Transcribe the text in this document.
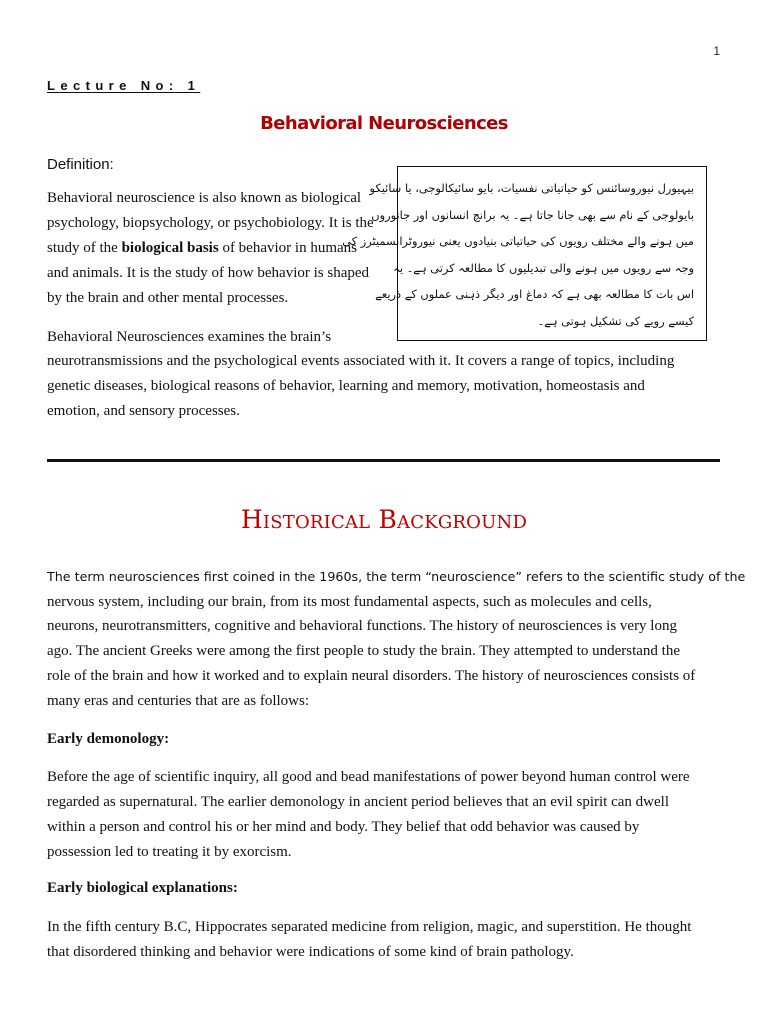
1
Lecture No: 1
Behavioral Neurosciences
Definition:

Behavioral neuroscience is also known as biological
psychology, biopsychology, or psychobiology. It is the
study of the biological basis of behavior in humans
and animals. It is the study of how behavior is shaped
by the brain and other mental processes.

بیہیورل نیوروسائنس کو حیاتیاتی نفسیات، بایو سائیکالوجی، یا سائیکو
بایولوجی کے نام سے بھی جانا جاتا ہے۔ یہ برانچ انسانوں اور جانوروں
میں ہونے والے مختلف رویوں کی حیاتیاتی بنیادوں یعنی نیوروٹرانسمیٹرز کی
وجہ سے رویوں میں ہونے والی تبدیلیوں کا مطالعہ کرتی ہے۔ یہ
اس بات کا مطالعہ بھی ہے کہ دماغ اور دیگر ذہنی عملوں کے ذریعے
کیسے رویے کی تشکیل ہوتی ہے۔

Behavioral Neurosciences examines the brain’s

neurotransmissions and the psychological events associated with it. It covers a range of topics, including
genetic diseases, biological reasons of behavior, learning and memory, motivation, homeostasis and
emotion, and sensory processes.

Historical Background

The term neurosciences first coined in the 1960s, the term “neuroscience” refers to the scientific study of the
nervous system, including our brain, from its most fundamental aspects, such as molecules and cells,
neurons, neurotransmitters, cognitive and behavioral functions. The history of neurosciences is very long
ago. The ancient Greeks were among the first people to study the brain. They attempted to understand the
role of the brain and how it worked and to explain neural disorders. The history of neurosciences consists of
many eras and centuries that are as follows:

Early demonology:

Before the age of scientific inquiry, all good and bead manifestations of power beyond human control were
regarded as supernatural. The earlier demonology in ancient period believes that an evil spirit can dwell
within a person and control his or her mind and body. They belief that odd behavior was caused by
possession led to treating it by exorcism.

Early biological explanations:

In the fifth century B.C, Hippocrates separated medicine from religion, magic, and superstition. He thought
that disordered thinking and behavior were indications of some kind of brain pathology.
